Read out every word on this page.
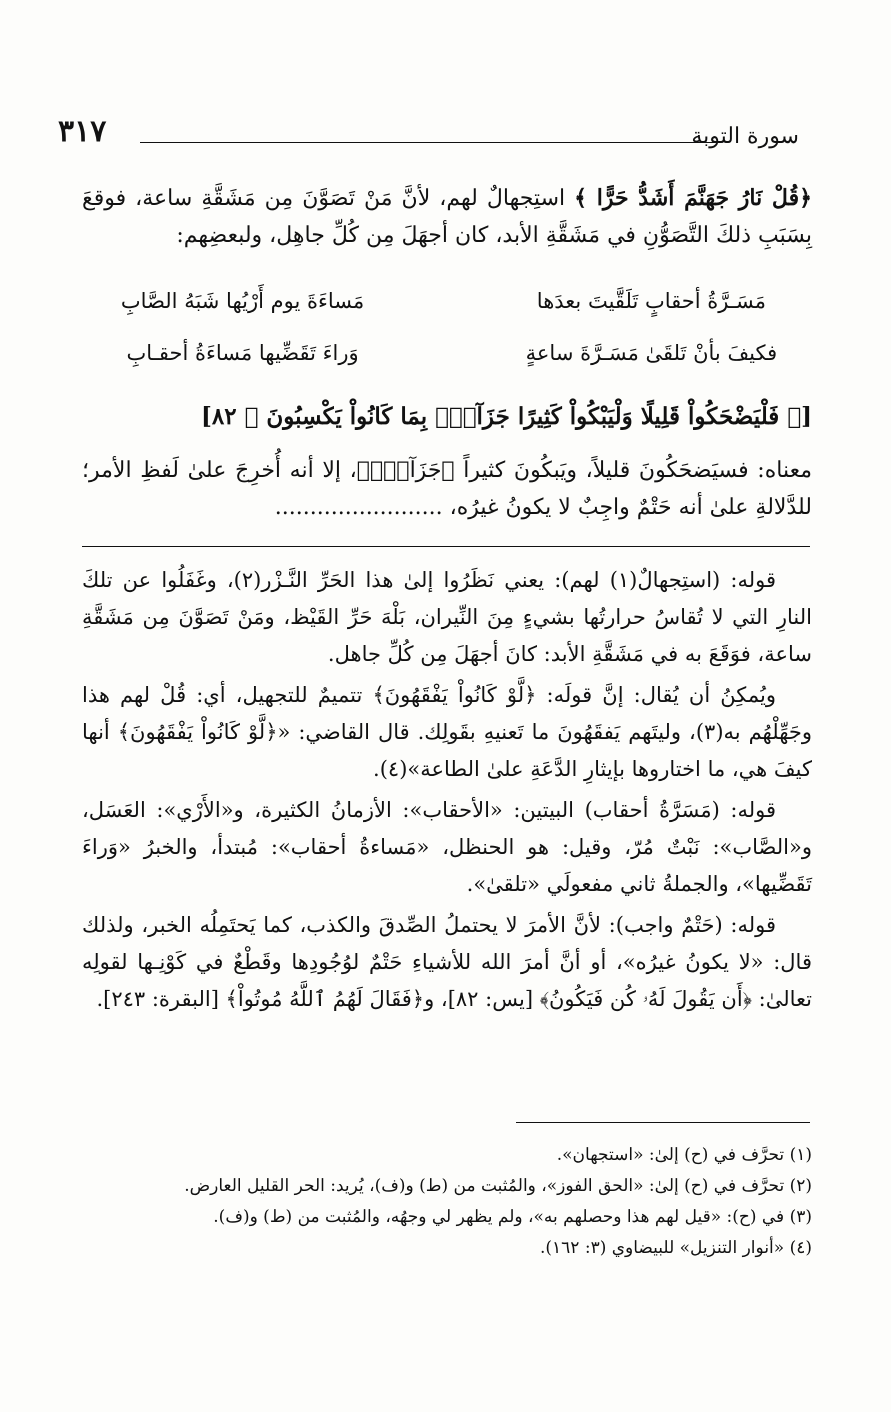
سورة التوبة
٣١٧
﴿قُلْ نَارُ جَهَنَّمَ أَشَدُّ حَرًّا ﴾ استِجهالٌ لهم، لأنَّ مَنْ تَصَوَّنَ مِن مَشَقَّةِ ساعة، فوقعَ بِسَبَبِ ذلكَ التَّصَوُّنِ في مَشَقَّةِ الأبد، كان أجهَلَ مِن كُلِّ جاهِل، ولبعضِهم:
مَسَـرَّةُ أحقابٍ تَلَقَّيتَ بعدَها
مَساءَةَ يوم أَرْيُها شَبَهُ الصَّابِ
فكيفَ بأنْ تَلقَىٰ مَسَـرَّةَ ساعةٍ
وَراءَ تَقَضِّيها مَساءَةُ أحقـابِ
[﴿ فَلْيَضْحَكُواْ قَلِيلًا وَلْيَبْكُواْ كَثِيرًا جَزَآءَۢ بِمَا كَانُواْ يَكْسِبُونَ ﴾ ٨٢]
معناه: فسيَضحَكُونَ قليلاً، ويَبكُونَ كثيراً ﴿جَزَآءَۢ﴾، إلا أنه أُخرِجَ علىٰ لَفظِ الأمر؛ للدَّلالةِ علىٰ أنه حَتْمٌ واجِبٌ لا يكونُ غيرُه، ........................

قوله: (استِجهالٌ(١) لهم): يعني نَظَرُوا إلىٰ هذا الحَرِّ النَّـزْر(٢)، وغَفَلُوا عن تلكَ النارِ التي لا تُقاسُ حرارتُها بشيءٍ مِنَ النِّيران، بَلْهَ حَرِّ القَيْظ، ومَنْ تَصَوَّنَ مِن مَشَقَّةِ ساعة، فوَقَعَ به في مَشَقَّةِ الأبد: كانَ أجهَلَ مِن كُلِّ جاهل.

ويُمكِنُ أن يُقال: إنَّ قولَه: ﴿لَّوْ كَانُواْ يَفْقَهُونَ﴾ تتميمٌ للتجهيل، أي: قُلْ لهم هذا وجَهِّلْهُم به(٣)، وليتَهم يَفقَهُونَ ما تَعنيهِ بقَولِك. قال القاضي: «﴿لَّوْ كَانُواْ يَفْقَهُونَ﴾ أنها كيفَ هي، ما اختاروها بإيثارِ الدَّعَةِ علىٰ الطاعة»(٤).

قوله: (مَسَرَّةُ أحقاب) البيتين: «الأحقاب»: الأزمانُ الكثيرة، و«الأَرْي»: العَسَل، و«الصَّاب»: نَبْتٌ مُرّ، وقيل: هو الحنظل، «مَساءةُ أحقاب»: مُبتدأ، والخبرُ «وَراءَ تَقَضِّيها»، والجملةُ ثاني مفعولَي «تلقىٰ».

قوله: (حَتْمٌ واجب): لأنَّ الأمرَ لا يحتملُ الصِّدقَ والكذب، كما يَحتَمِلُه الخبر، ولذلك قال: «لا يكونُ غيرُه»، أو أنَّ أمرَ الله للأشياءِ حَتْمٌ لوُجُودِها وقَطْعٌ في كَوْنِـها لقولِه تعالىٰ: ﴿أَن يَقُولَ لَهُۥ كُن فَيَكُونُ﴾ [يس: ٨٢]، و﴿فَقَالَ لَهُمُ ٱللَّهُ مُوتُواْ﴾ [البقرة: ٢٤٣].

(١) تحرَّف في (ح) إلىٰ: «استجهان».
(٢) تحرَّف في (ح) إلىٰ: «الحق الفوز»، والمُثبت من (ط) و(ف)، يُريد: الحر القليل العارض.
(٣) في (ح): «قيل لهم هذا وحصلهم به»، ولم يظهر لي وجهُه، والمُثبت من (ط) و(ف).
(٤) «أنوار التنزيل» للبيضاوي (٣: ١٦٢).
